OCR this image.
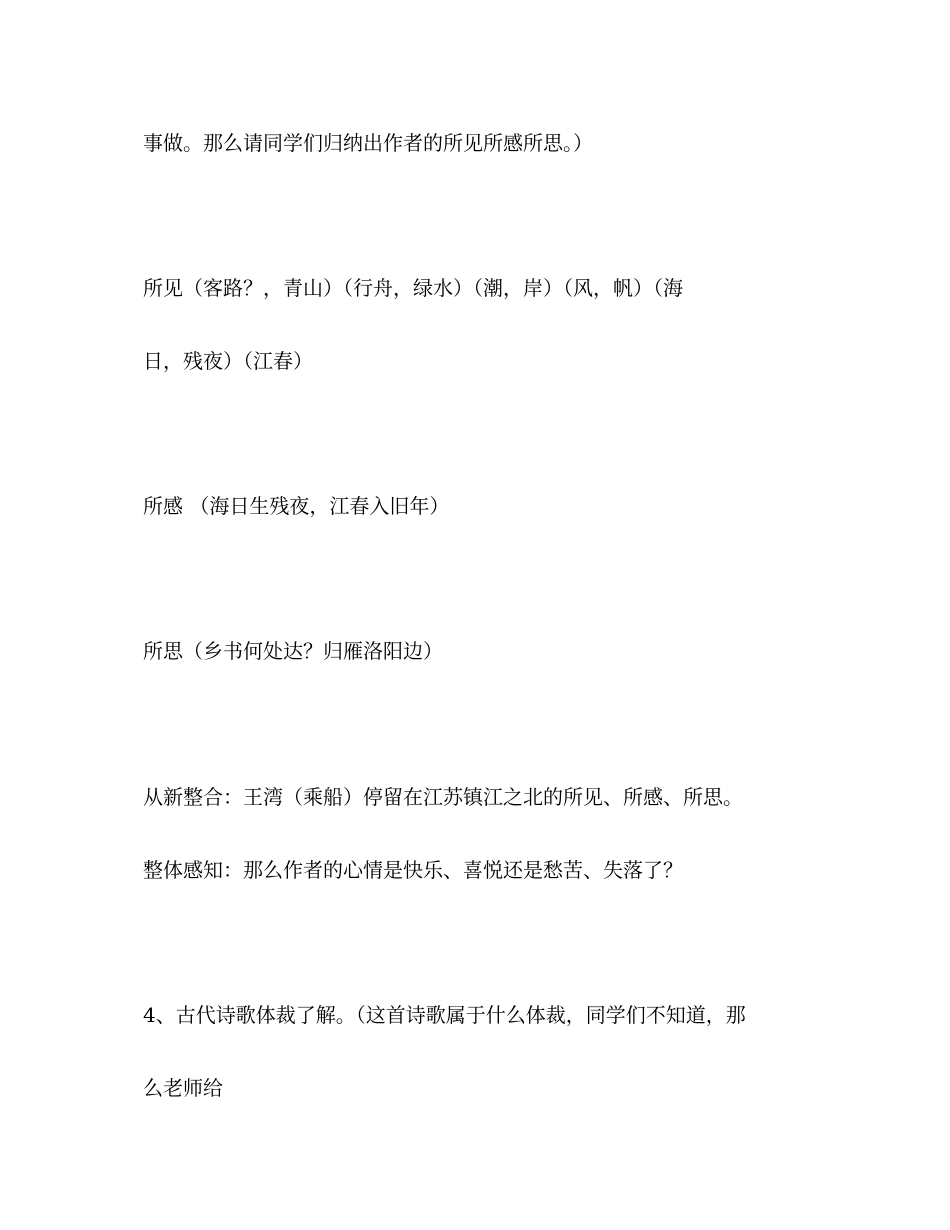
事做。那么请同学们归纳出作者的所见所感所思。）

所见（客路？，青山）（行舟，绿水）（潮，岸）（风，帆）（海

日，残夜）（江春）

所感 （海日生残夜，江春入旧年）

所思（乡书何处达？归雁洛阳边）

从新整合：王湾（乘船）停留在江苏镇江之北的所见、所感、所思。

整体感知：那么作者的心情是快乐、喜悦还是愁苦、失落了？

4、古代诗歌体裁了解。（这首诗歌属于什么体裁，同学们不知道，那

么老师给
